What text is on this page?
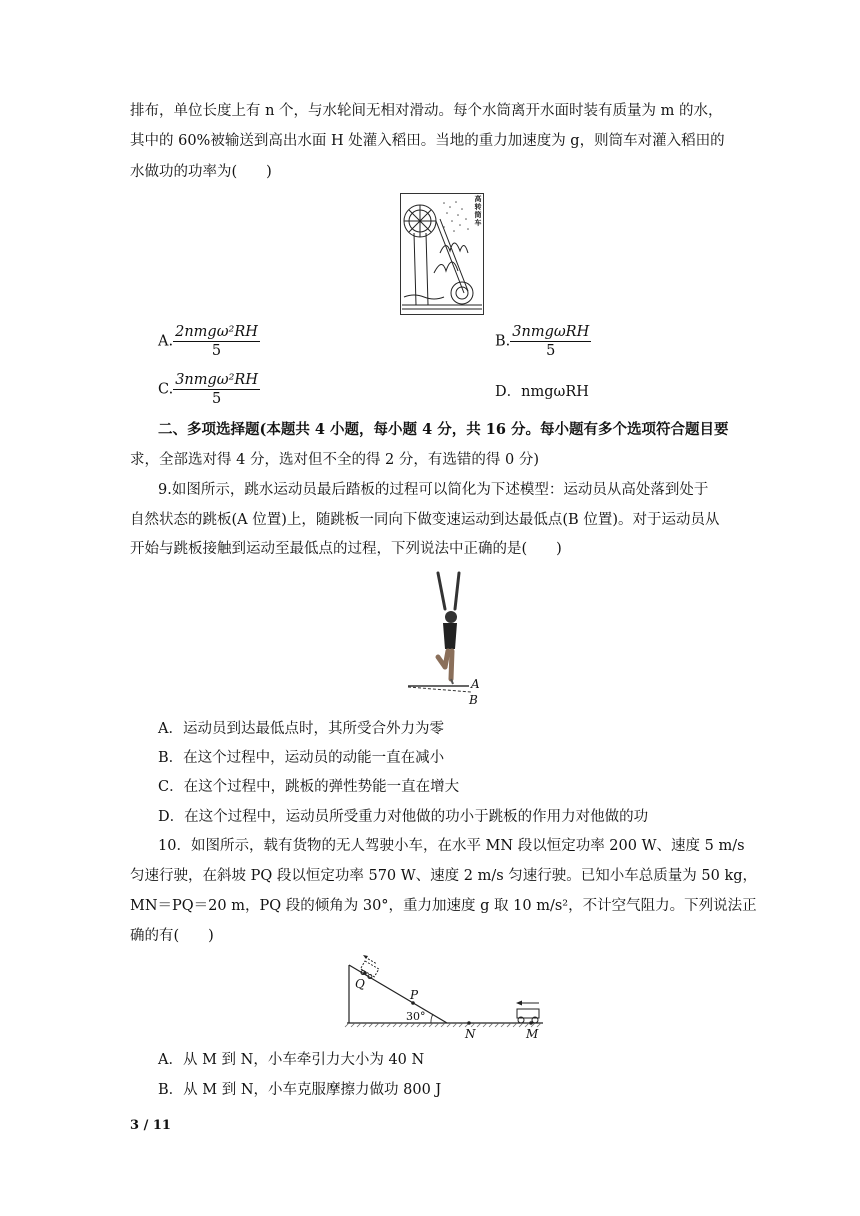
排布，单位长度上有 n 个，与水轮间无相对滑动。每个水筒离开水面时装有质量为 m 的水，
其中的 60%被输送到高出水面 H 处灌入稻田。当地的重力加速度为 g，则筒车对灌入稻田的
水做功的功率为(　　)
高转筒车
A. $\frac{\text{2nmgω²RH}}{5}$	B. $\frac{\text{3nmgωRH}}{5}$
C. $\frac{\text{3nmgω²RH}}{5}$	D．nmgωRH
二、多项选择题(本题共 4 小题，每小题 4 分，共 16 分。每小题有多个选项符合题目要
求，全部选对得 4 分，选对但不全的得 2 分，有选错的得 0 分)
9.如图所示，跳水运动员最后踏板的过程可以简化为下述模型：运动员从高处落到处于
自然状态的跳板(A 位置)上，随跳板一同向下做变速运动到达最低点(B 位置)。对于运动员从
开始与跳板接触到运动至最低点的过程，下列说法中正确的是(　　)
A
B
A．运动员到达最低点时，其所受合外力为零
B．在这个过程中，运动员的动能一直在减小
C．在这个过程中，跳板的弹性势能一直在增大
D．在这个过程中，运动员所受重力对他做的功小于跳板的作用力对他做的功
10．如图所示，载有货物的无人驾驶小车，在水平 MN 段以恒定功率 200 W、速度 5 m/s
匀速行驶，在斜坡 PQ 段以恒定功率 570 W、速度 2 m/s 匀速行驶。已知小车总质量为 50 kg，
MN＝PQ＝20 m，PQ 段的倾角为 30°，重力加速度 g 取 10 m/s²，不计空气阻力。下列说法正
确的有(　　)
Q
P
30°
N	M
A．从 M 到 N，小车牵引力大小为 40 N
B．从 M 到 N，小车克服摩擦力做功 800 J
3 / 11
